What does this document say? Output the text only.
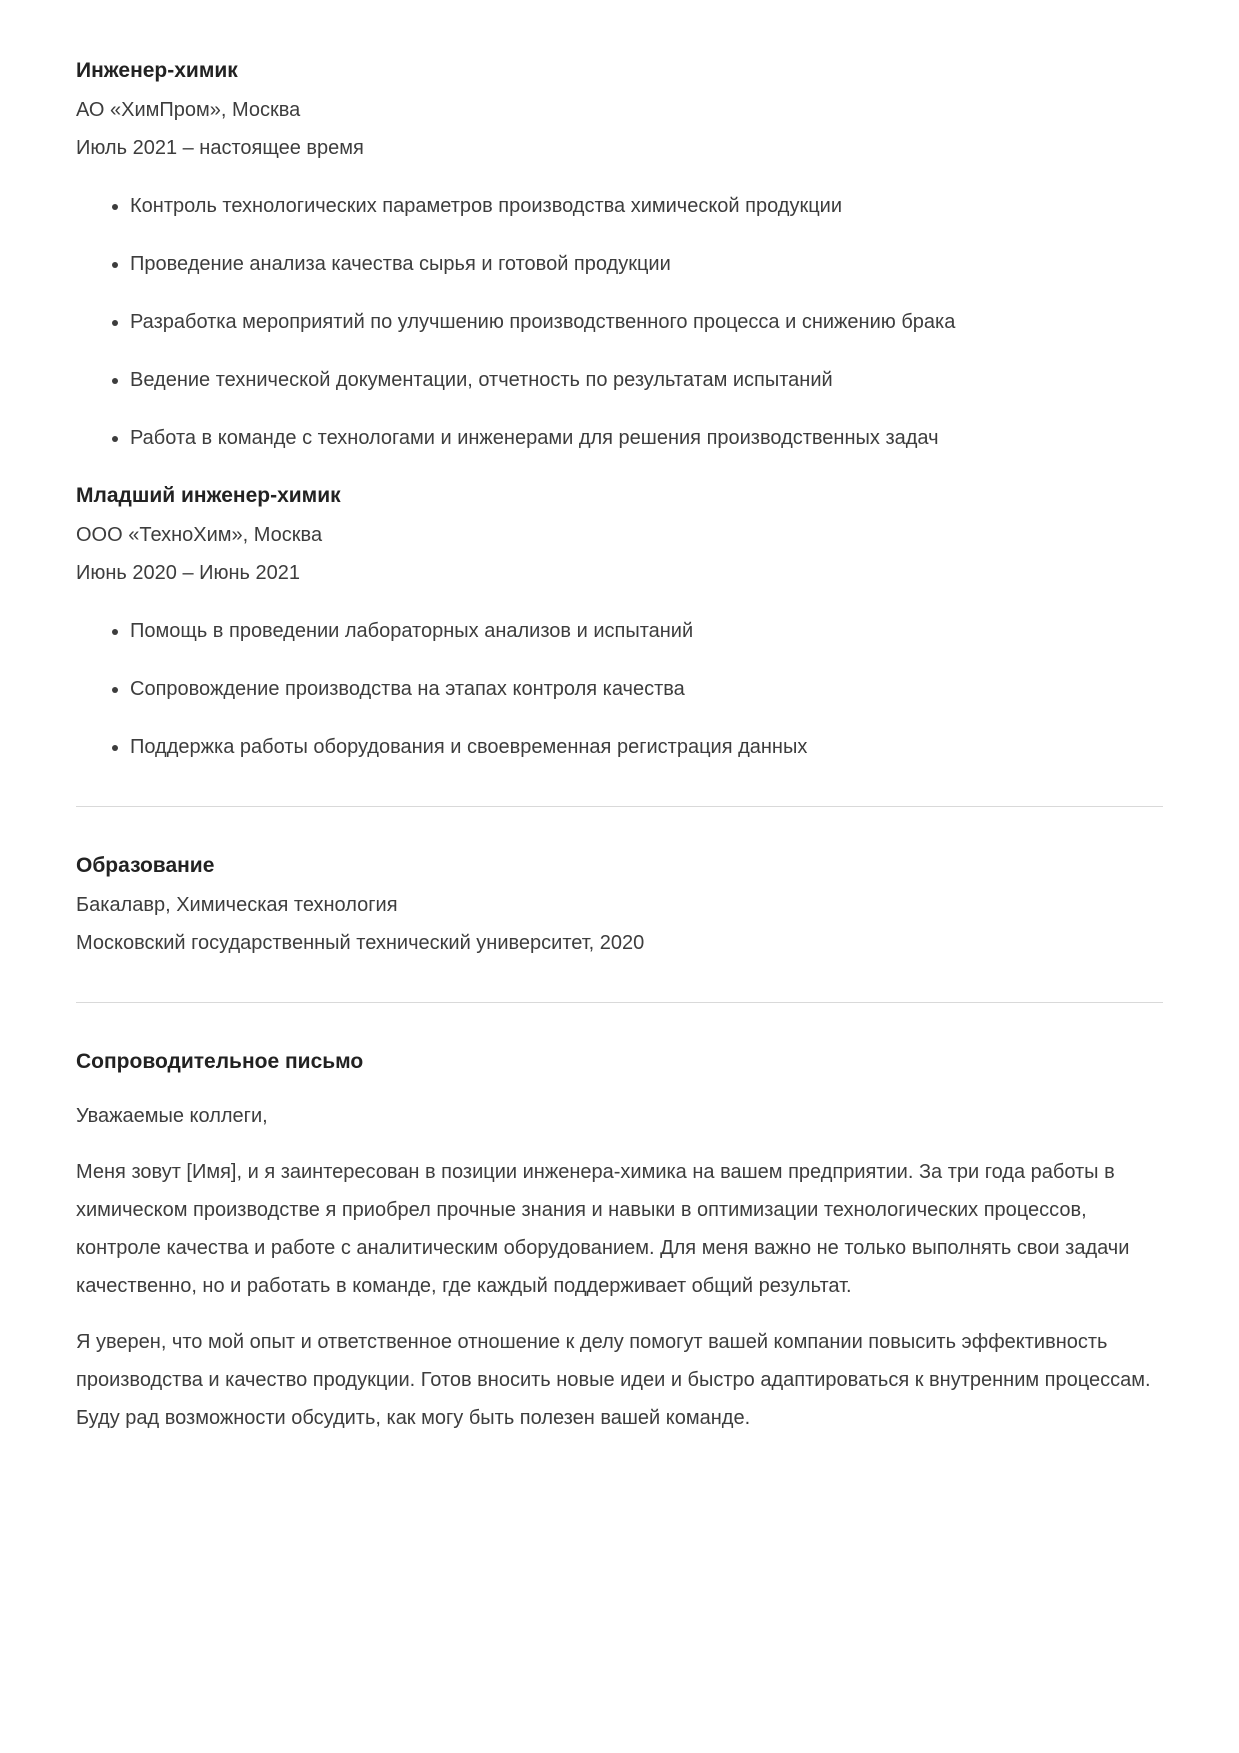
Инженер-химик

АО «ХимПром», Москва

Июль 2021 – настоящее время

• Контроль технологических параметров производства химической продукции
• Проведение анализа качества сырья и готовой продукции
• Разработка мероприятий по улучшению производственного процесса и снижению брака
• Ведение технической документации, отчетность по результатам испытаний
• Работа в команде с технологами и инженерами для решения производственных задач
Младший инженер-химик

ООО «ТехноХим», Москва

Июнь 2020 – Июнь 2021

• Помощь в проведении лабораторных анализов и испытаний
• Сопровождение производства на этапах контроля качества
• Поддержка работы оборудования и своевременная регистрация данных
Образование

Бакалавр, Химическая технология

Московский государственный технический университет, 2020

Сопроводительное письмо

Уважаемые коллеги,

Меня зовут [Имя], и я заинтересован в позиции инженера-химика на вашем предприятии. За три года работы в химическом производстве я приобрел прочные знания и навыки в оптимизации технологических процессов, контроле качества и работе с аналитическим оборудованием. Для меня важно не только выполнять свои задачи качественно, но и работать в команде, где каждый поддерживает общий результат.

Я уверен, что мой опыт и ответственное отношение к делу помогут вашей компании повысить эффективность производства и качество продукции. Готов вносить новые идеи и быстро адаптироваться к внутренним процессам. Буду рад возможности обсудить, как могу быть полезен вашей команде.
